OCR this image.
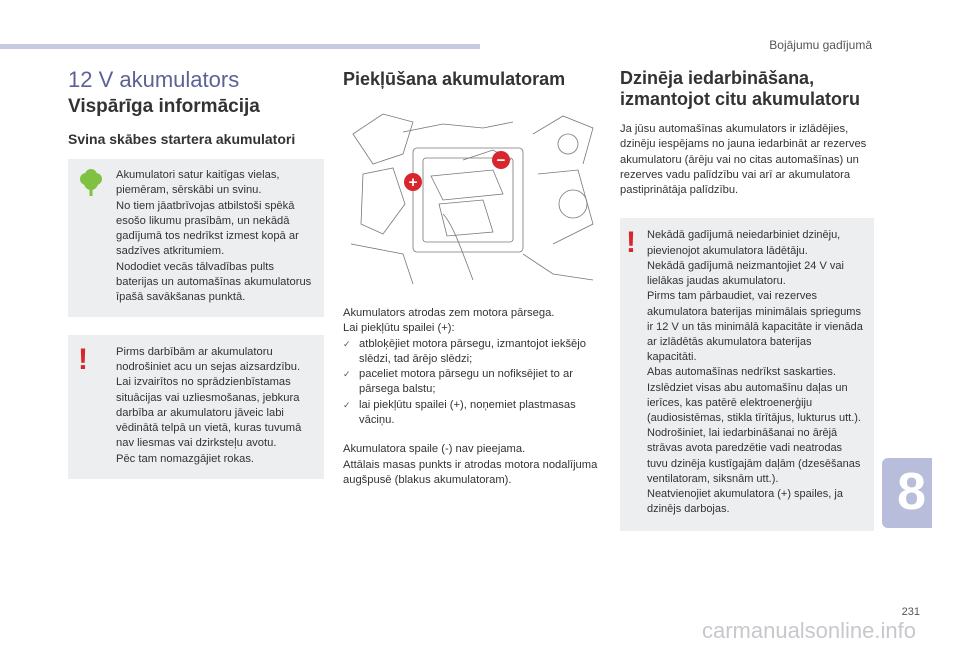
Bojājumu gadījumā
8
12 V akumulators
Vispārīga informācija
Svina skābes startera akumulatori

Akumulatori satur kaitīgas vielas, piemēram, sērskābi un svinu.
No tiem jāatbrīvojas atbilstoši spēkā esošo likumu prasībām, un nekādā gadījumā tos nedrīkst izmest kopā ar sadzīves atkritumiem.
Nododiet vecās tālvadības pults baterijas un automašīnas akumulatorus īpašā savākšanas punktā.

!	Pirms darbībām ar akumulatoru nodrošiniet acu un sejas aizsardzību.
Lai izvairītos no sprādzienbīstamas situācijas vai uzliesmošanas, jebkura darbība ar akumulatoru jāveic labi vēdinātā telpā un vietā, kuras tuvumā nav liesmas vai dzirksteļu avotu.
Pēc tam nomazgājiet rokas.

Piekļūšana akumulatoram
+
−

Akumulators atrodas zem motora pārsega.
Lai piekļūtu spailei (+):

✓ atbloķējiet motora pārsegu, izmantojot iekšējo slēdzi, tad ārējo slēdzi;
✓ paceliet motora pārsegu un nofiksējiet to ar pārsega balstu;
✓ lai piekļūtu spailei (+), noņemiet plastmasas vāciņu.

Akumulatora spaile (-) nav pieejama.
Attālais masas punkts ir atrodas motora nodalījuma augšpusē (blakus akumulatoram).

Dzinēja iedarbināšana, izmantojot citu akumulatoru

Ja jūsu automašīnas akumulators ir izlādējies, dzinēju iespējams no jauna iedarbināt ar rezerves akumulatoru (ārēju vai no citas automašīnas) un rezerves vadu palīdzību vai arī ar akumulatora pastiprinātāja palīdzību.

! Nekādā gadījumā neiedarbiniet dzinēju, pievienojot akumulatora lādētāju.
Nekādā gadījumā neizmantojiet 24 V vai lielākas jaudas akumulatoru.
Pirms tam pārbaudiet, vai rezerves akumulatora baterijas minimālais spriegums ir 12 V un tās minimālā kapacitāte ir vienāda ar izlādētās akumulatora baterijas kapacitāti.
Abas automašīnas nedrīkst saskarties.
Izslēdziet visas abu automašīnu daļas un ierīces, kas patērē elektroenerģiju (audiosistēmas, stikla tīrītājus, lukturus utt.).
Nodrošiniet, lai iedarbināšanai no ārējā strāvas avota paredzētie vadi neatrodas tuvu dzinēja kustīgajām daļām (dzesēšanas ventilatoram, siksnām utt.).
Neatvienojiet akumulatora (+) spailes, ja dzinējs darbojas.

231
carmanualsonline.info
